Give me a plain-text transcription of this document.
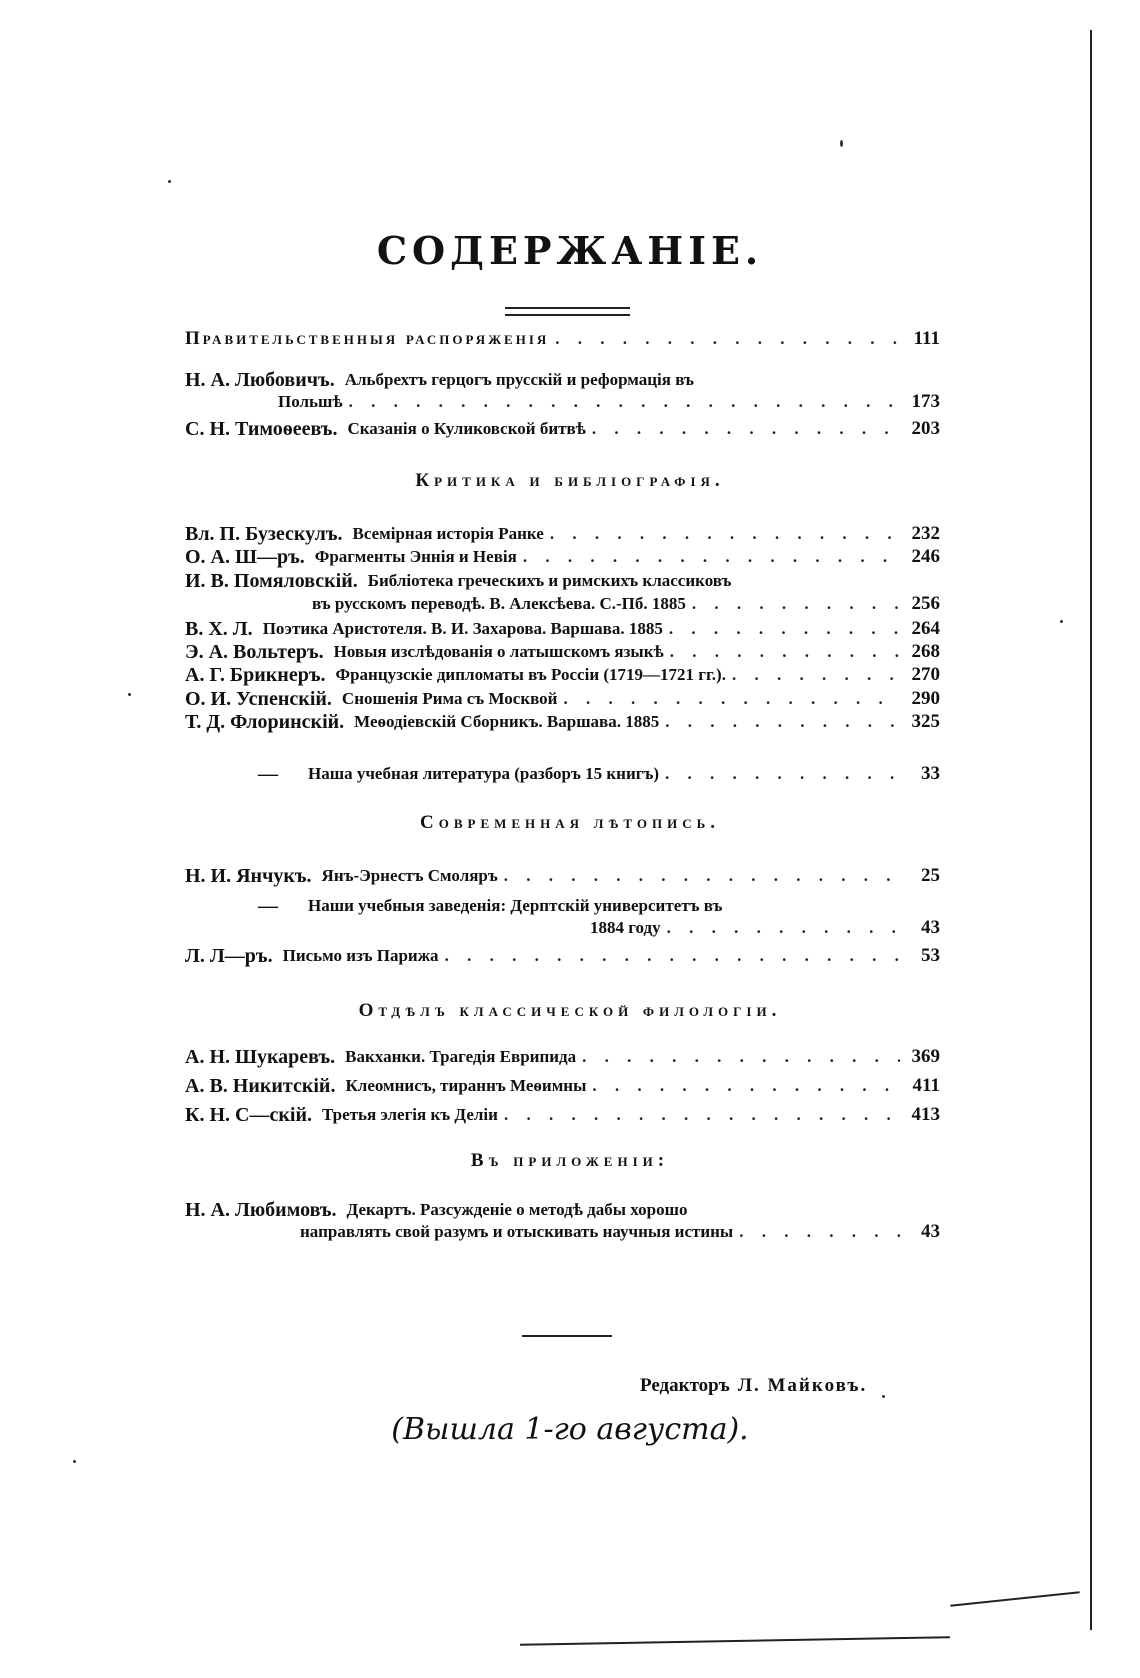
СОДЕРЖАНІЕ.
Правительственныя распоряженія . . .	111
Н. А. Любовичъ. Альбрехтъ герцогъ прусскій и реформація въ
Польшѣ . . .	173
С. Н. Тимоѳеевъ. Сказанія о Куликовской битвѣ . . .	203
Критика и библіографія.
Вл. П. Бузескулъ. Всемірная исторія Ранке . . .	232
О. А. Ш—ръ. Фрагменты Эннія и Невія . . .	246
И. В. Помяловскій. Библіотека греческихъ и римскихъ классиковъ
въ русскомъ переводѣ. В. Алексѣева. С.-Пб. 1885 . . .	256
В. Х. Л. Поэтика Аристотеля. В. И. Захарова. Варшава. 1885 . . .	264
Э. А. Вольтеръ. Новыя изслѣдованія о латышскомъ языкѣ . . .	268
А. Г. Брикнеръ. Французскіе дипломаты въ Россіи (1719—1721 гг.). . . .	270
О. И. Успенскій. Сношенія Рима съ Москвой . . .	290
Т. Д. Флоринскій. Меѳодіевскій Сборникъ. Варшава. 1885 . . .	325
— Наша учебная литература (разборъ 15 книгъ) . . .	33
Современная лѣтопись.
Н. И. Янчукъ. Янъ-Эрнестъ Смоляръ . . .	25
— Наши учебныя заведенія: Дерптскій университетъ въ
1884 году . . .	43
Л. Л—ръ. Письмо изъ Парижа . . .	53
Отдѣлъ классической филологіи.
А. Н. Шукаревъ. Вакханки. Трагедія Еврипида . . .	369
А. В. Никитскій. Клеомнисъ, тираннъ Меѳимны . . .	411
К. Н. С—скій. Третья элегія къ Деліи . . .	413
Въ приложеніи:
Н. А. Любимовъ. Декартъ. Разсужденіе о методѣ дабы хорошо
направлять свой разумъ и отыскивать научныя истины . . .	43
Редакторъ Л. Майковъ.
(Вышла 1-го августа).
